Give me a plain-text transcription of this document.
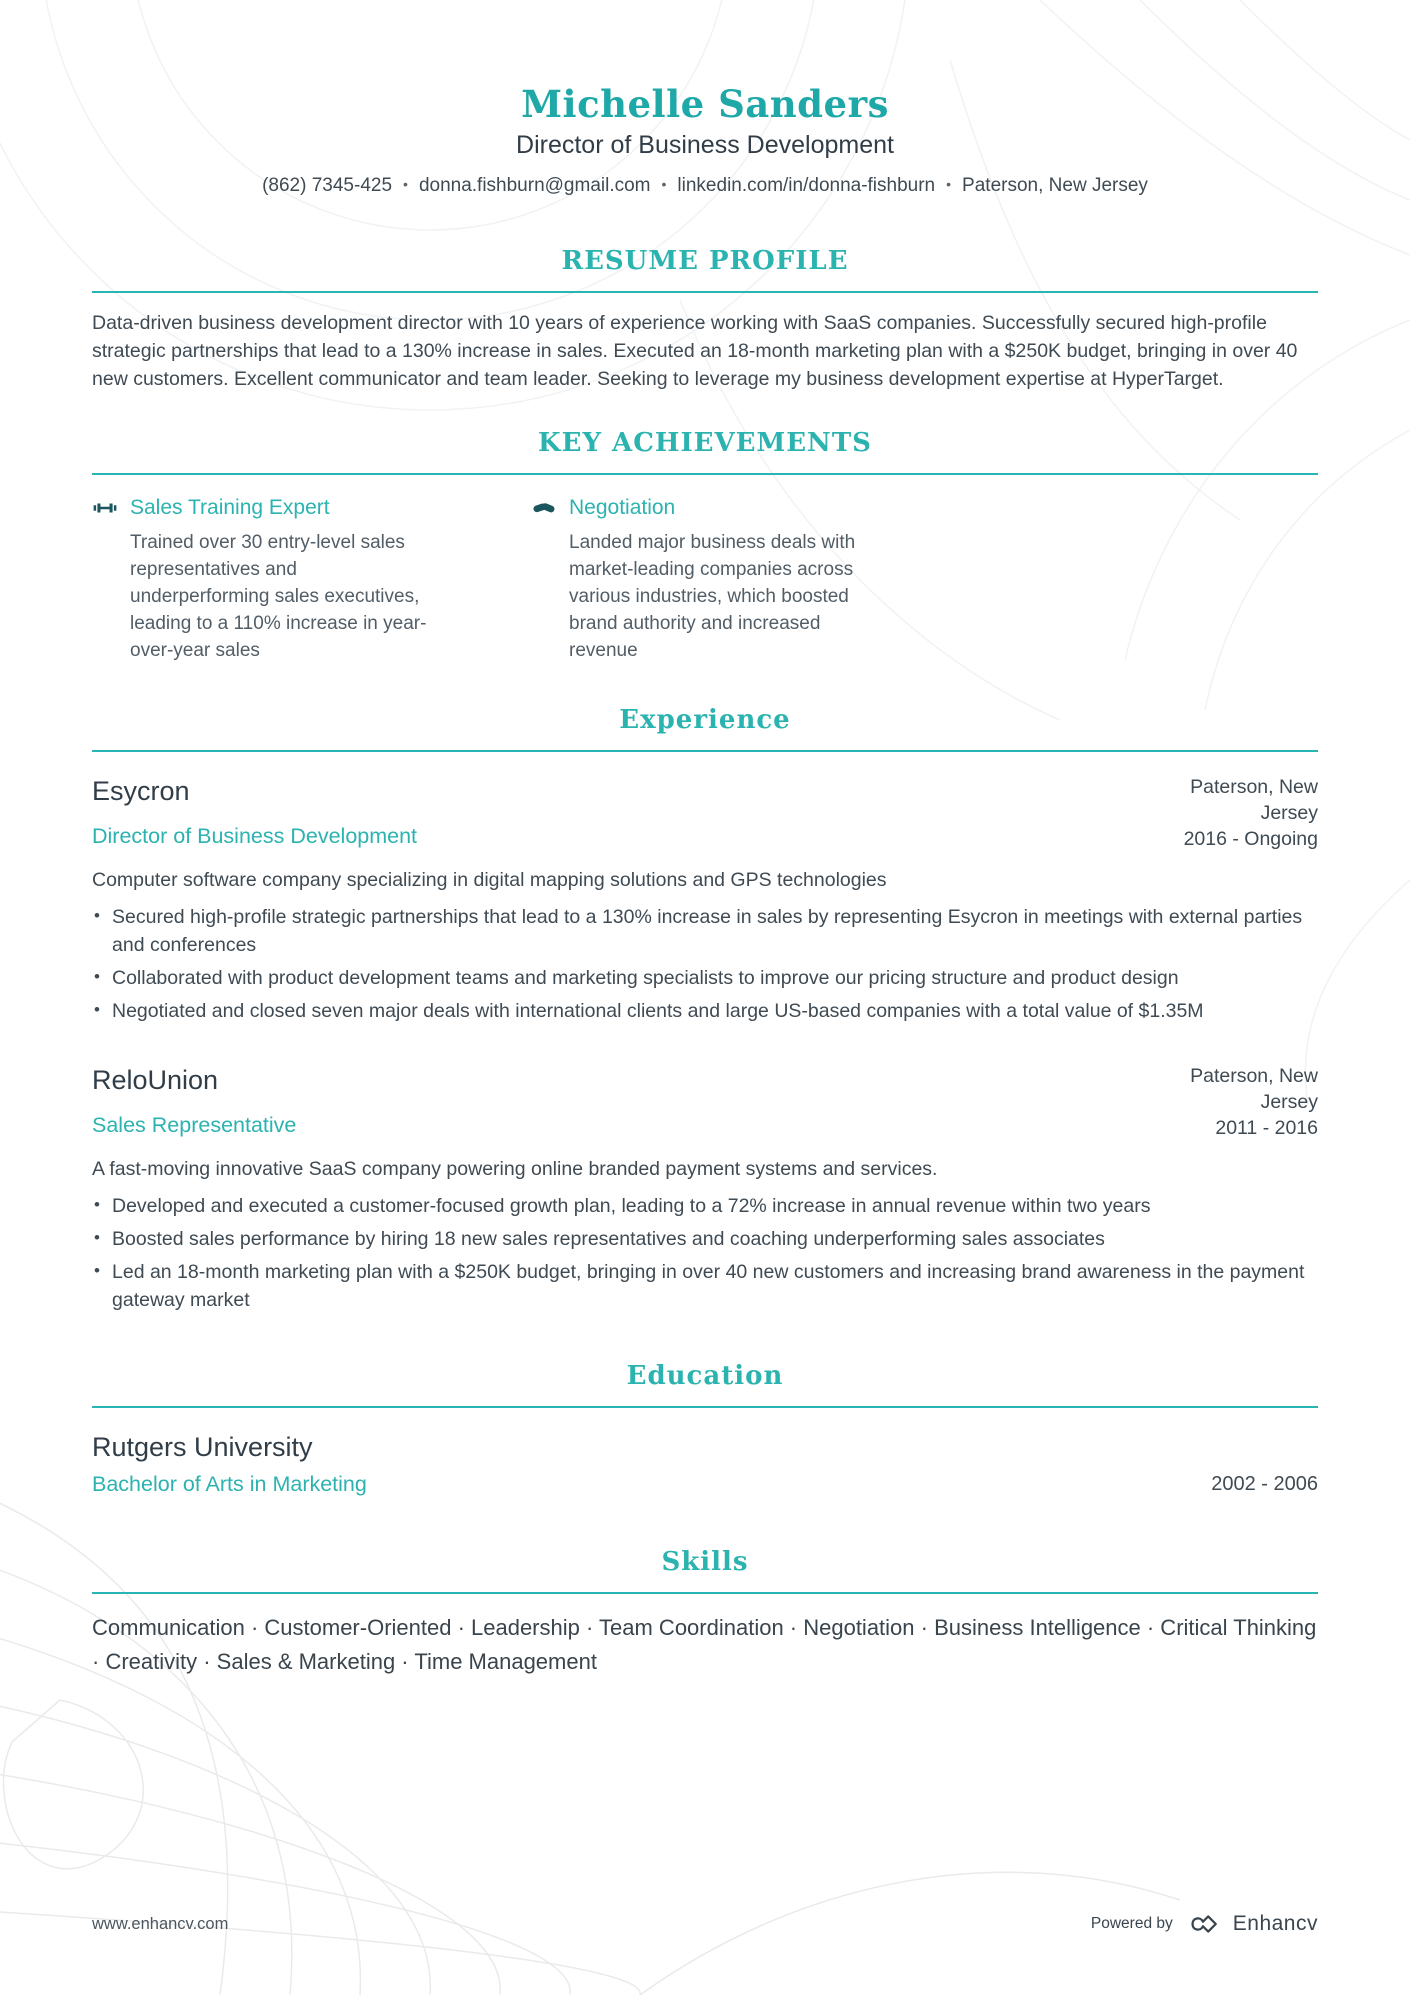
Michelle Sanders
Director of Business Development
(862) 7345-425 • donna.fishburn@gmail.com • linkedin.com/in/donna-fishburn • Paterson, New Jersey
RESUME PROFILE

Data-driven business development director with 10 years of experience working with SaaS companies. Successfully secured high-profile strategic partnerships that lead to a 130% increase in sales. Executed an 18-month marketing plan with a $250K budget, bringing in over 40 new customers. Excellent communicator and team leader. Seeking to leverage my business development expertise at HyperTarget.

KEY ACHIEVEMENTS
Sales Training Expert

Trained over 30 entry-level sales representatives and underperforming sales executives, leading to a 110% increase in year-over-year sales

Negotiation

Landed major business deals with market-leading companies across various industries, which boosted brand authority and increased revenue

Experience
Esycron
Director of Business Development
Paterson, New Jersey
2016 - Ongoing

Computer software company specializing in digital mapping solutions and GPS technologies

• Secured high-profile strategic partnerships that lead to a 130% increase in sales by representing Esycron in meetings with external parties and conferences
• Collaborated with product development teams and marketing specialists to improve our pricing structure and product design
• Negotiated and closed seven major deals with international clients and large US-based companies with a total value of $1.35M
ReloUnion
Sales Representative
Paterson, New Jersey
2011 - 2016

A fast-moving innovative SaaS company powering online branded payment systems and services.

• Developed and executed a customer-focused growth plan, leading to a 72% increase in annual revenue within two years
• Boosted sales performance by hiring 18 new sales representatives and coaching underperforming sales associates
• Led an 18-month marketing plan with a $250K budget, bringing in over 40 new customers and increasing brand awareness in the payment gateway market
Education
Rutgers University
Bachelor of Arts in Marketing	2002 - 2006
Skills

Communication · Customer-Oriented · Leadership · Team Coordination · Negotiation · Business Intelligence · Critical Thinking · Creativity · Sales & Marketing · Time Management

www.enhancv.com	Powered by	Enhancv
